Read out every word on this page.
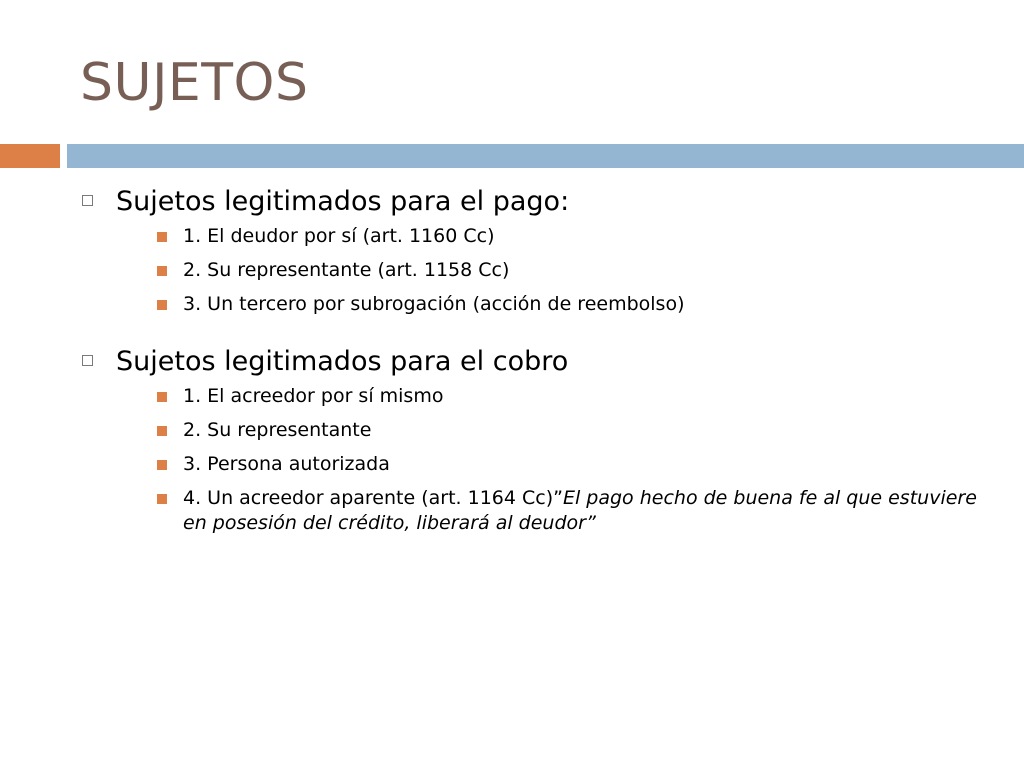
SUJETOS
Sujetos legitimados para el pago:
1. El deudor por sí (art. 1160 Cc)
2. Su representante (art. 1158 Cc)
3. Un tercero por subrogación (acción de reembolso)
Sujetos legitimados para el cobro
1. El acreedor por sí mismo
2. Su representante
3. Persona autorizada
4. Un acreedor aparente (art. 1164 Cc)”El pago hecho de buena fe al que estuviere en posesión del crédito, liberará al deudor”
